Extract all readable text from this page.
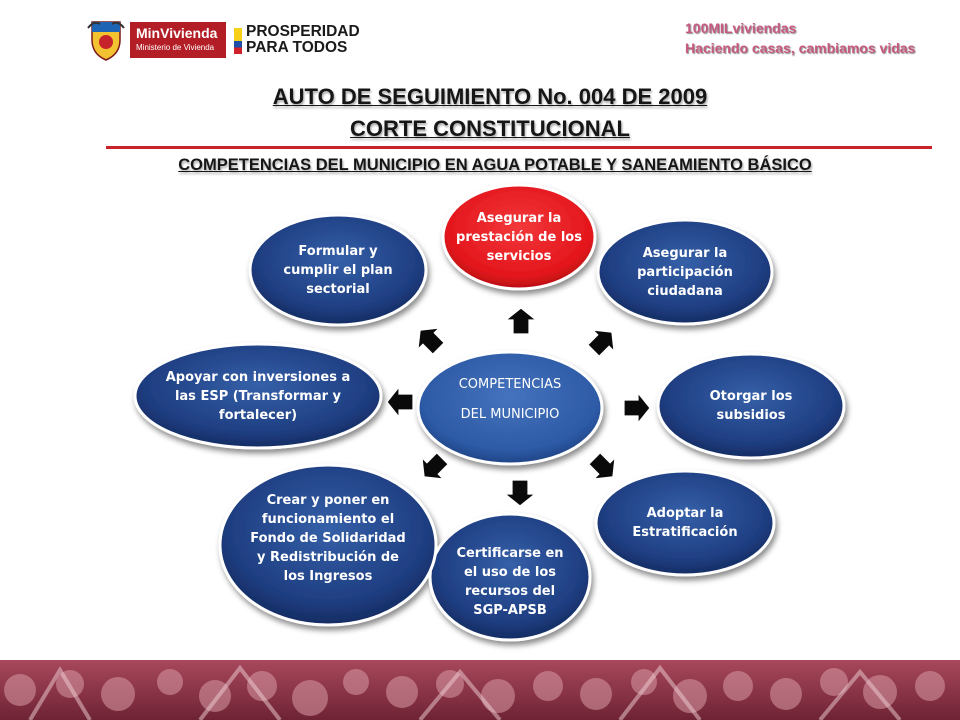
MinVivienda
Ministerio de Vivienda
PROSPERIDAD
PARA TODOS
100MILviviendas
Haciendo casas, cambiamos vidas
AUTO DE SEGUIMIENTO No. 004 DE 2009
CORTE CONSTITUCIONAL
COMPETENCIAS DEL MUNICIPIO EN AGUA POTABLE Y SANEAMIENTO BÁSICO
Asegurar la prestación de los servicios	Asegurar la participación ciudadana
Otorgar los subsidios
Adoptar la Estratificación
Certificarse en el uso de los recursos del SGP-APSB
Crear y poner en funcionamiento el Fondo de Solidaridad y Redistribución de los Ingresos
Apoyar con inversiones a las ESP (Transformar y fortalecer)
Formular y cumplir el plan sectorial
COMPETENCIAS
DEL MUNICIPIO
